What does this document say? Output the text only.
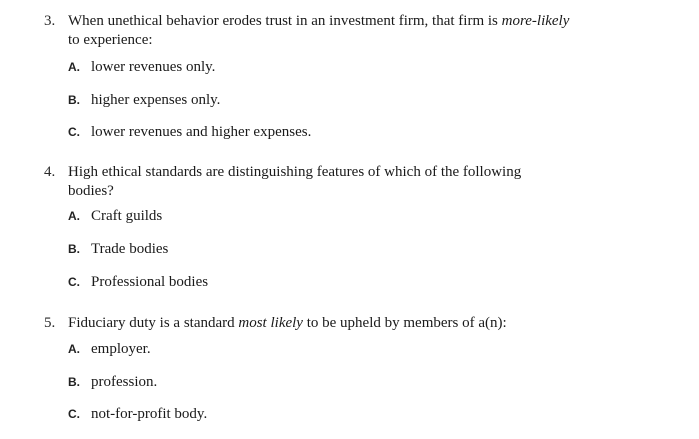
3. When unethical behavior erodes trust in an investment firm, that firm is more-likely to experience:
A. lower revenues only.
B. higher expenses only.
C. lower revenues and higher expenses.
4. High ethical standards are distinguishing features of which of the following bodies?
A. Craft guilds
B. Trade bodies
C. Professional bodies
5. Fiduciary duty is a standard most likely to be upheld by members of a(n):
A. employer.
B. profession.
C. not-for-profit body.
